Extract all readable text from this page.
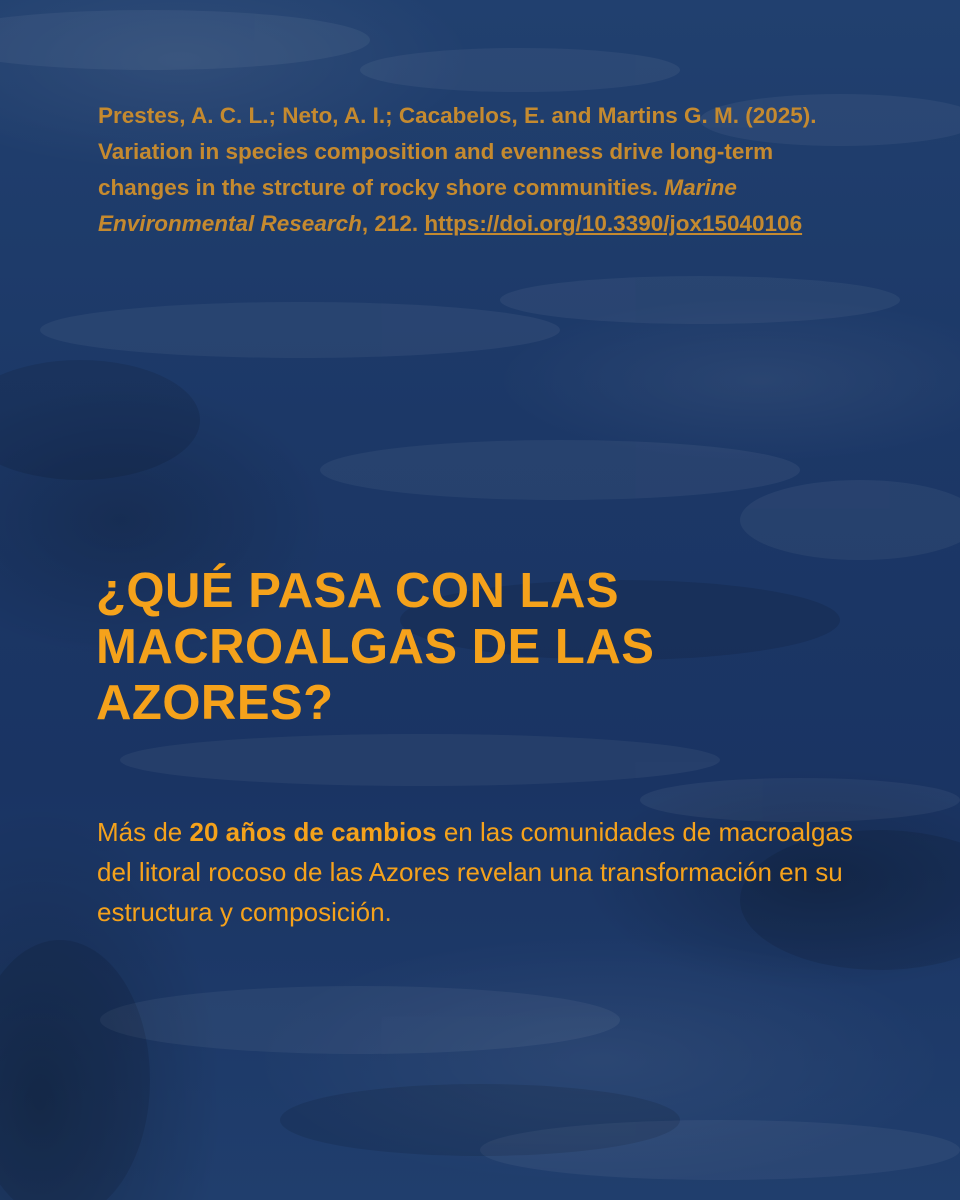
Prestes, A. C. L.; Neto, A. I.; Cacabelos, E. and Martins G. M. (2025). Variation in species composition and evenness drive long-term changes in the strcture of rocky shore communities. Marine Environmental Research, 212. https://doi.org/10.3390/jox15040106
¿QUÉ PASA CON LAS MACROALGAS DE LAS AZORES?

Más de 20 años de cambios en las comunidades de macroalgas del litoral rocoso de las Azores revelan una transformación en su estructura y composición.
